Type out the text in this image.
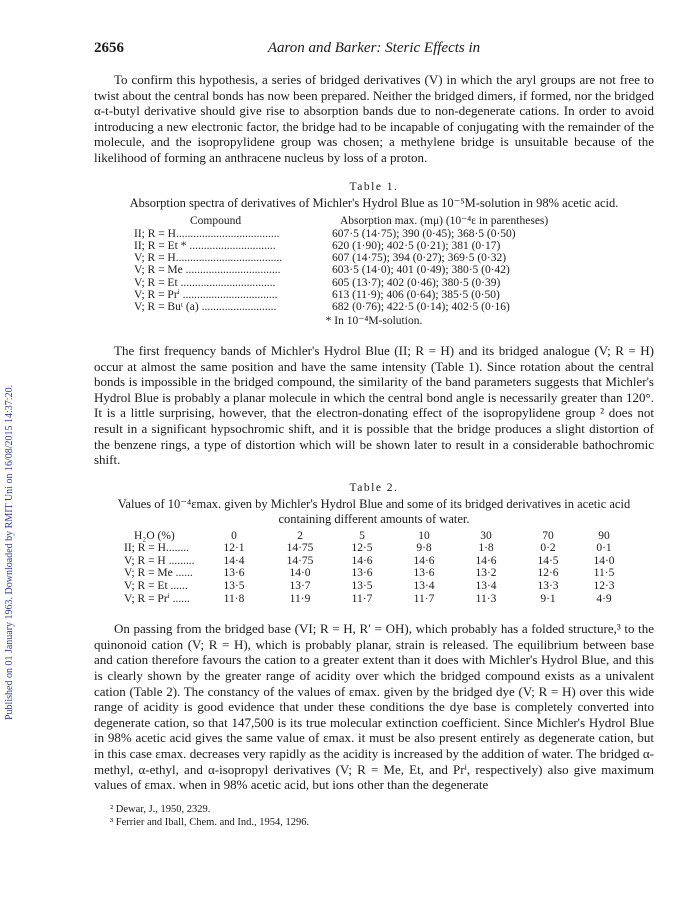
Published on 01 January 1963. Downloaded by RMIT Uni on 16/08/2015 14:37:20.
2656	Aaron and Barker: Steric Effects in

To confirm this hypothesis, a series of bridged derivatives (V) in which the aryl groups are not free to twist about the central bonds has now been prepared. Neither the bridged dimers, if formed, nor the bridged α-t-butyl derivative should give rise to absorption bands due to non-degenerate cations. In order to avoid introducing a new electronic factor, the bridge had to be incapable of conjugating with the remainder of the molecule, and the isopropylidene group was chosen; a methylene bridge is unsuitable because of the likelihood of forming an anthracene nucleus by loss of a proton.

Table 1.
Absorption spectra of derivatives of Michler's Hydrol Blue as 10⁻⁵M-solution in 98% acetic acid.
Compound	Absorption max. (mμ) (10⁻⁴ε in parentheses)
II; R = H....................................	607·5 (14·75); 390 (0·45); 368·5 (0·50)
II; R = Et * ..............................	620 (1·90); 402·5 (0·21); 381 (0·17)
V; R = H.....................................	607 (14·75); 394 (0·27); 369·5 (0·32)
V; R = Me .................................	603·5 (14·0); 401 (0·49); 380·5 (0·42)
V; R = Et .................................	605 (13·7); 402 (0·46); 380·5 (0·39)
V; R = Prⁱ .................................	613 (11·9); 406 (0·64); 385·5 (0·50)
V; R = Buᵗ (a) ..........................	682 (0·76); 422·5 (0·14); 402·5 (0·16)
* In 10⁻⁴M-solution.

The first frequency bands of Michler's Hydrol Blue (II; R = H) and its bridged analogue (V; R = H) occur at almost the same position and have the same intensity (Table 1). Since rotation about the central bonds is impossible in the bridged compound, the similarity of the band parameters suggests that Michler's Hydrol Blue is probably a planar molecule in which the central bond angle is necessarily greater than 120°. It is a little surprising, however, that the electron-donating effect of the isopropylidene group ² does not result in a significant hypsochromic shift, and it is possible that the bridge produces a slight distortion of the benzene rings, a type of distortion which will be shown later to result in a considerable bathochromic shift.

Table 2.
Values of 10⁻⁴εmax. given by Michler's Hydrol Blue and some of its bridged derivatives in acetic acid containing different amounts of water.
H₂O (%)	0	2	5	10	30	70	90
II; R = H........	12·1	14·75	12·5	9·8	1·8	0·2	0·1
V; R = H .........	14·4	14·75	14·6	14·6	14·6	14·5	14·0
V; R = Me ......	13·6	14·0	13·6	13·6	13·2	12·6	11·5
V; R = Et ......	13·5	13·7	13·5	13·4	13·4	13·3	12·3
V; R = Prⁱ ......	11·8	11·9	11·7	11·7	11·3	9·1	4·9

On passing from the bridged base (VI; R = H, R′ = OH), which probably has a folded structure,³ to the quinonoid cation (V; R = H), which is probably planar, strain is released. The equilibrium between base and cation therefore favours the cation to a greater extent than it does with Michler's Hydrol Blue, and this is clearly shown by the greater range of acidity over which the bridged compound exists as a univalent cation (Table 2). The constancy of the values of εmax. given by the bridged dye (V; R = H) over this wide range of acidity is good evidence that under these conditions the dye base is completely converted into degenerate cation, so that 147,500 is its true molecular extinction coefficient. Since Michler's Hydrol Blue in 98% acetic acid gives the same value of εmax. it must be also present entirely as degenerate cation, but in this case εmax. decreases very rapidly as the acidity is increased by the addition of water. The bridged α-methyl, α-ethyl, and α-isopropyl derivatives (V; R = Me, Et, and Prⁱ, respectively) also give maximum values of εmax. when in 98% acetic acid, but ions other than the degenerate

² Dewar, J., 1950, 2329.
³ Ferrier and Iball, Chem. and Ind., 1954, 1296.
